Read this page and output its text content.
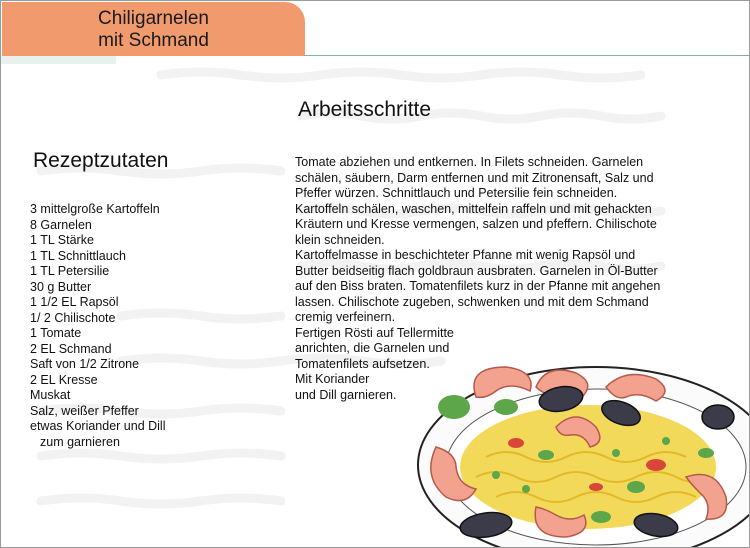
Chiligarnelen
mit Schmand
Arbeitsschritte
Rezeptzutaten
3 mittelgroße Kartoffeln
8 Garnelen
1 TL Stärke
1 TL Schnittlauch
1 TL Petersilie
30 g Butter
1 1/2 EL Rapsöl
1/ 2 Chilischote
1 Tomate
2 EL Schmand
Saft von 1/2 Zitrone
2 EL Kresse
Muskat
Salz, weißer Pfeffer
etwas Koriander und Dill
zum garnieren
Tomate abziehen und entkernen. In Filets schneiden. Garnelen
schälen, säubern, Darm entfernen und mit Zitronensaft, Salz und
Pfeffer würzen. Schnittlauch und Petersilie fein schneiden.
Kartoffeln schälen, waschen, mittelfein raffeln und mit gehackten
Kräutern und Kresse vermengen, salzen und pfeffern. Chilischote
klein schneiden.
Kartoffelmasse in beschichteter Pfanne mit wenig Rapsöl und
Butter beidseitig flach goldbraun ausbraten. Garnelen in Öl-Butter
auf den Biss braten. Tomatenfilets kurz in der Pfanne mit angehen
lassen. Chilischote zugeben, schwenken und mit dem Schmand
cremig verfeinern.
Fertigen Rösti auf Tellermitte
anrichten, die Garnelen und
Tomatenfilets aufsetzen.
Mit Koriander
und Dill garnieren.
